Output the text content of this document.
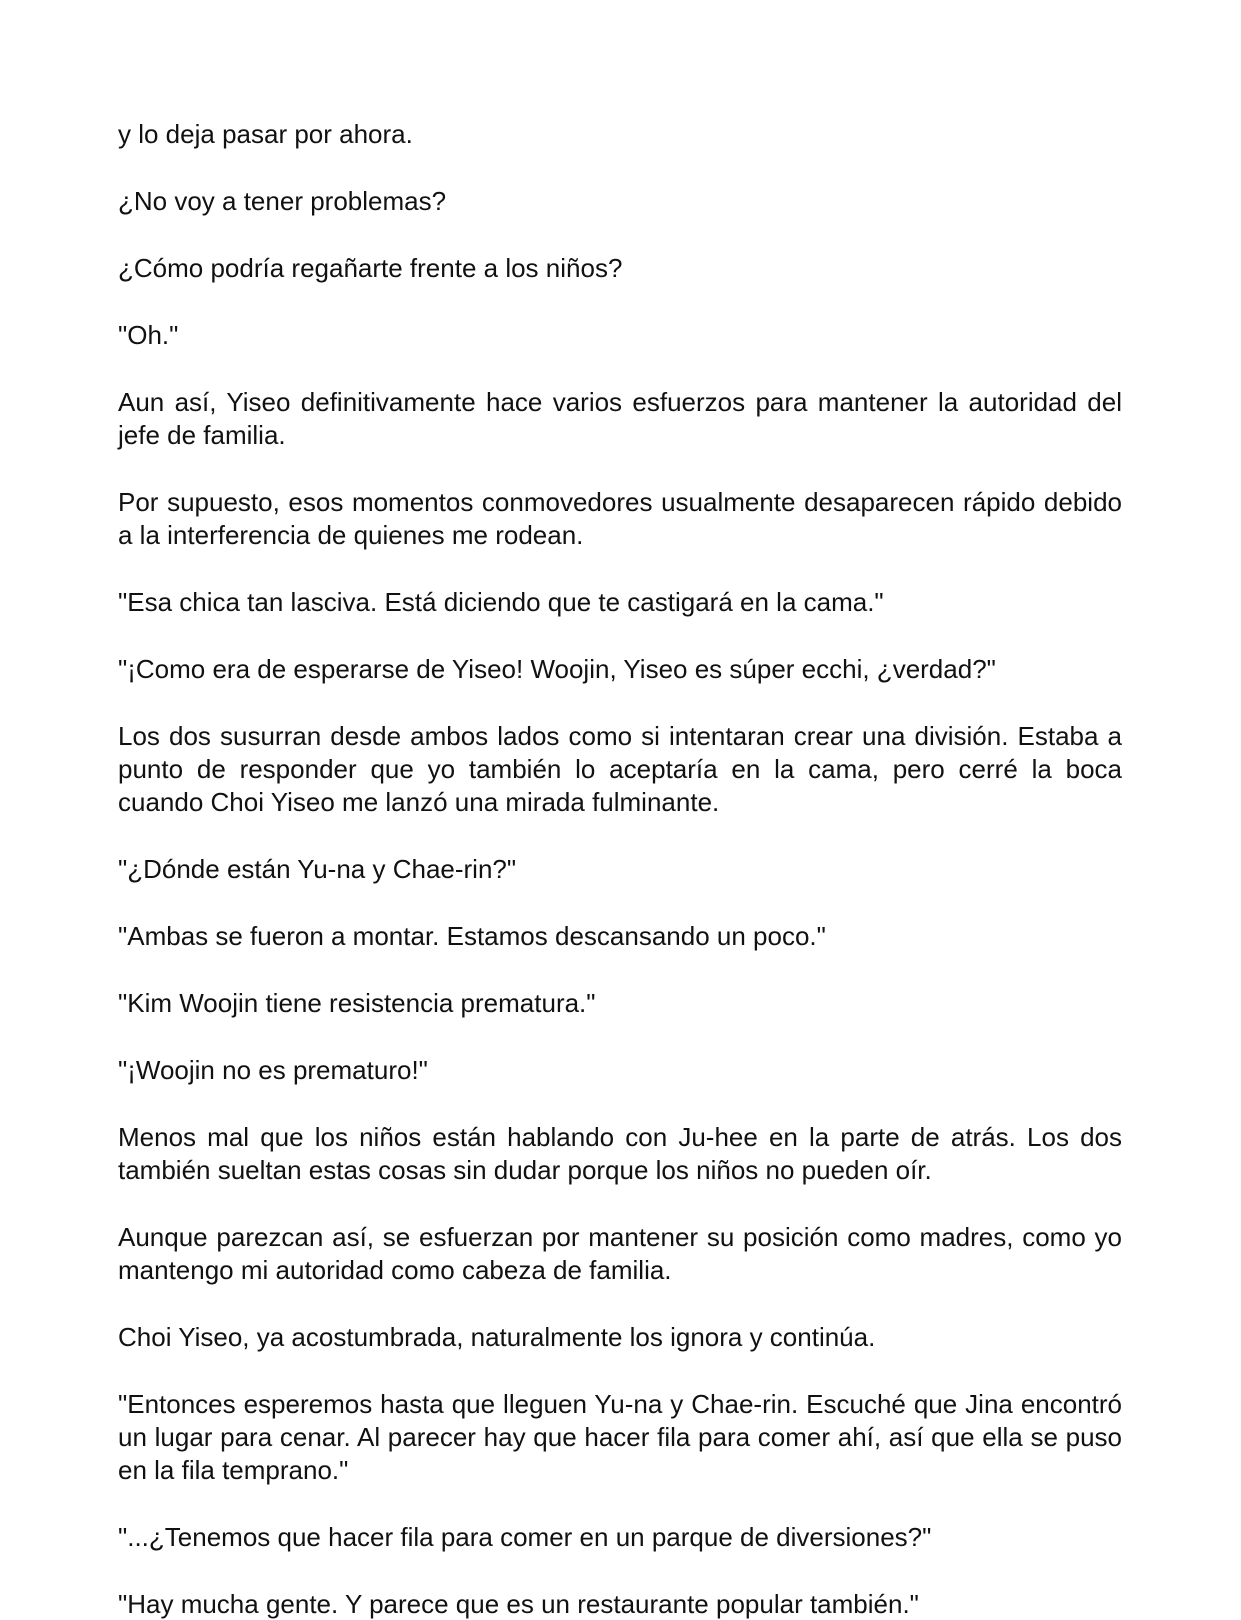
y lo deja pasar por ahora.

¿No voy a tener problemas?

¿Cómo podría regañarte frente a los niños?

"Oh."

Aun así, Yiseo definitivamente hace varios esfuerzos para mantener la autoridad del jefe de familia.

Por supuesto, esos momentos conmovedores usualmente desaparecen rápido debido a la interferencia de quienes me rodean.

"Esa chica tan lasciva. Está diciendo que te castigará en la cama."

"¡Como era de esperarse de Yiseo! Woojin, Yiseo es súper ecchi, ¿verdad?"

Los dos susurran desde ambos lados como si intentaran crear una división. Estaba a punto de responder que yo también lo aceptaría en la cama, pero cerré la boca cuando Choi Yiseo me lanzó una mirada fulminante.

"¿Dónde están Yu-na y Chae-rin?"

"Ambas se fueron a montar. Estamos descansando un poco."

"Kim Woojin tiene resistencia prematura."

"¡Woojin no es prematuro!"

Menos mal que los niños están hablando con Ju-hee en la parte de atrás. Los dos también sueltan estas cosas sin dudar porque los niños no pueden oír.

Aunque parezcan así, se esfuerzan por mantener su posición como madres, como yo mantengo mi autoridad como cabeza de familia.

Choi Yiseo, ya acostumbrada, naturalmente los ignora y continúa.

"Entonces esperemos hasta que lleguen Yu-na y Chae-rin. Escuché que Jina encontró un lugar para cenar. Al parecer hay que hacer fila para comer ahí, así que ella se puso en la fila temprano."

"...¿Tenemos que hacer fila para comer en un parque de diversiones?"

"Hay mucha gente. Y parece que es un restaurante popular también."
